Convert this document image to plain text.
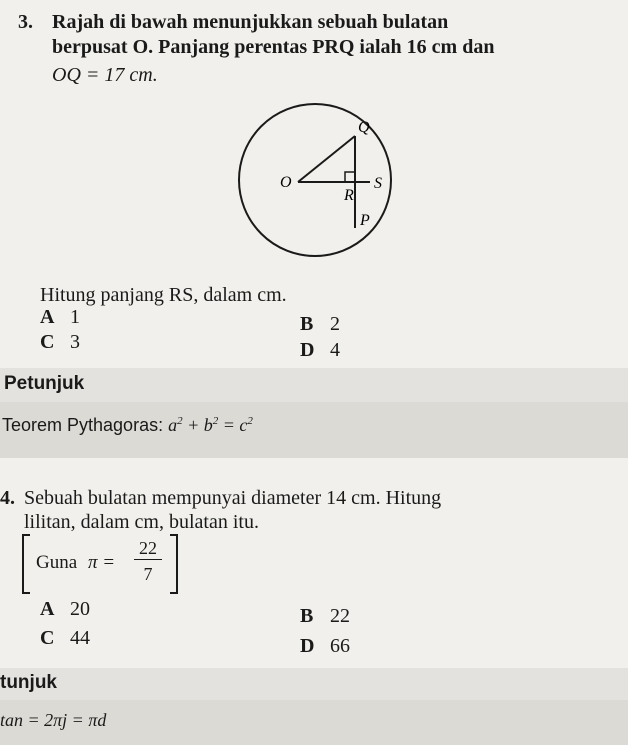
3. Rajah di bawah menunjukkan sebuah bulatan
berpusat O. Panjang perentas PRQ ialah 16 cm dan
OQ = 17 cm.
O
Q
R
S
P
Hitung panjang RS, dalam cm.
A 1	B 2
C 3	D 4
Petunjuk
Teorem Pythagoras: $a^2 + b^2 = c^2$
4. Sebuah bulatan mempunyai diameter 14 cm. Hitung
lilitan, dalam cm, bulatan itu.
Guna π =
22
7
A 20	B 22
C 44	D 66
tunjuk
tan = 2πj = πd
